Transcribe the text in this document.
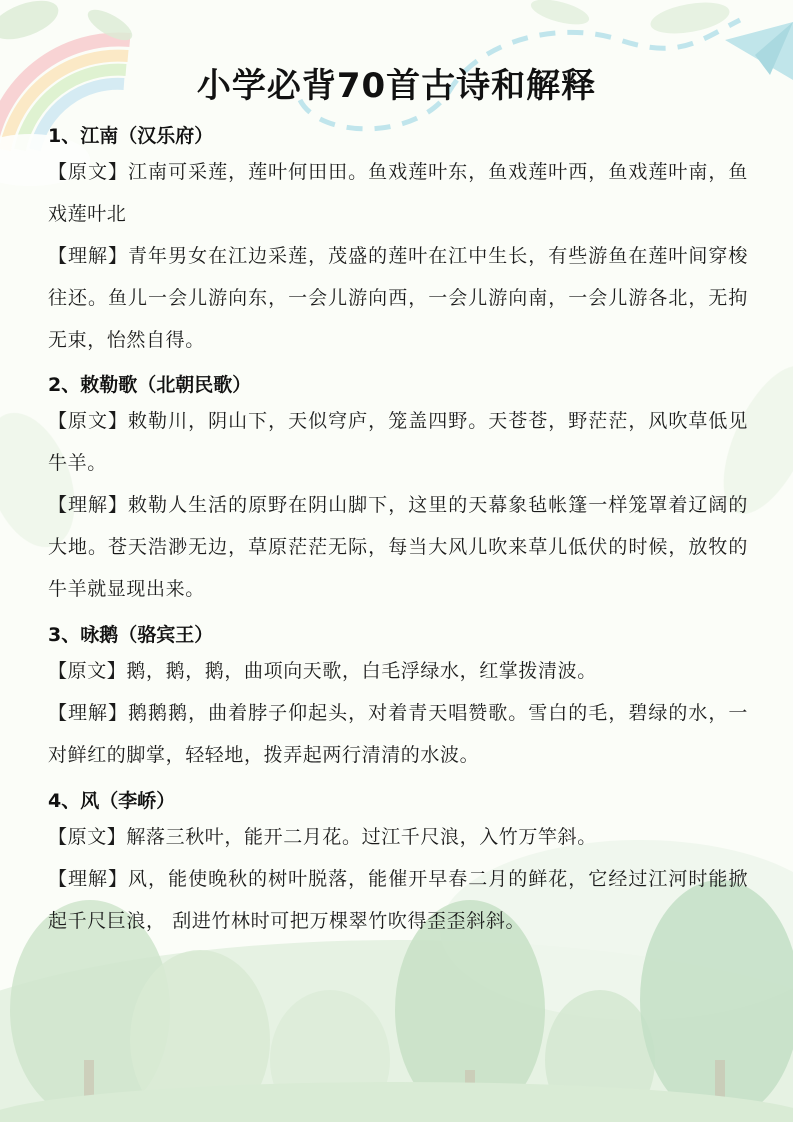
小学必背70首古诗和解释
1、江南（汉乐府）

【原文】江南可采莲，莲叶何田田。鱼戏莲叶东，鱼戏莲叶西，鱼戏莲叶南，鱼戏莲叶北

【理解】青年男女在江边采莲，茂盛的莲叶在江中生长，有些游鱼在莲叶间穿梭往还。鱼儿一会儿游向东，一会儿游向西，一会儿游向南，一会儿游各北，无拘无束，怡然自得。

2、敕勒歌（北朝民歌）

【原文】敕勒川，阴山下，天似穹庐，笼盖四野。天苍苍，野茫茫，风吹草低见牛羊。

【理解】敕勒人生活的原野在阴山脚下，这里的天幕象毡帐篷一样笼罩着辽阔的大地。苍天浩渺无边，草原茫茫无际，每当大风儿吹来草儿低伏的时候，放牧的牛羊就显现出来。

3、咏鹅（骆宾王）

【原文】鹅，鹅，鹅，曲项向天歌，白毛浮绿水，红掌拨清波。

【理解】鹅鹅鹅，曲着脖子仰起头，对着青天唱赞歌。雪白的毛，碧绿的水，一对鲜红的脚掌，轻轻地，拨弄起两行清清的水波。

4、风（李峤）

【原文】解落三秋叶，能开二月花。过江千尺浪，入竹万竿斜。

【理解】风，能使晚秋的树叶脱落，能催开早春二月的鲜花，它经过江河时能掀起千尺巨浪， 刮进竹林时可把万棵翠竹吹得歪歪斜斜。
